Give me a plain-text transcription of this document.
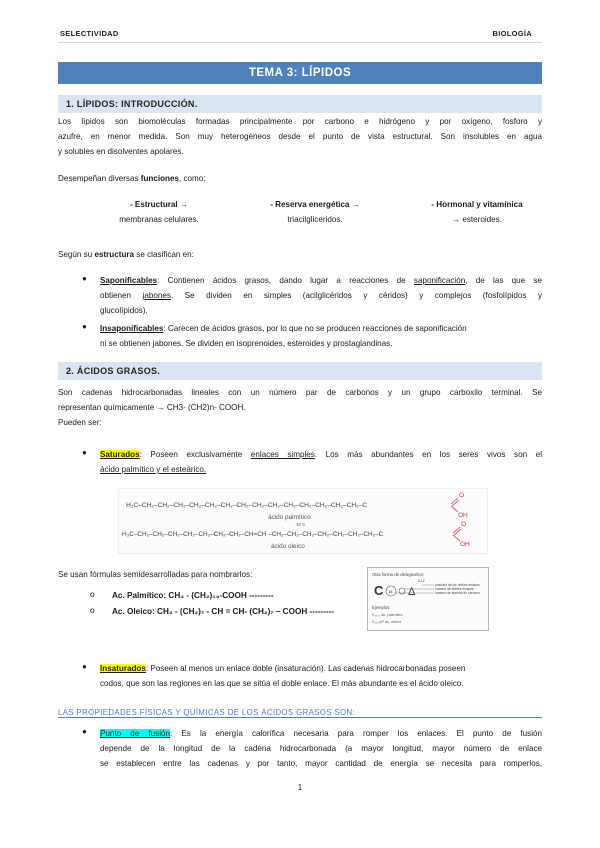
SELECTIVIDAD	BIOLOGÍA
TEMA 3: LÍPIDOS
1. LÍPIDOS: INTRODUCCIÓN.
Los lípidos son biomoléculas formadas principalmente por carbono e hidrógeno y por oxígeno, fosforo y
azufre, en menor medida. Son muy heterogéneos desde el punto de vista estructural. Son insolubles en agua
y solubles en disolventes apolares.
Desempeñan diversas funciones, como:
- Estructural →
membranas celulares.
- Reserva energética →
triacilgliceridos.
- Hormonal y vitamínica
→ esteroides.
Según su estructura se clasifican en:
● Saponificables: Contienen ácidos grasos, dando lugar a reacciones de saponificación, de las que se
obtienen jabones. Se dividen en simples (acilglicéridos y céridos) y complejos (fosfolípidos y
glucolípidos).
● Insaponificables: Carecen de ácidos grasos, por lo que no se producen reacciones de saponificación
ni se obtienen jabones. Se dividen en isoprenoides, esteroides y prostaglandinas.
2. ÁCIDOS GRASOS.
Son cadenas hidrocarbonadas lineales con un número par de carbonos y un grupo carboxilo terminal. Se
representan químicamente → CH3- (CH2)n- COOH.
Pueden ser:
● Saturados: Poseen exclusivamente enlaces simples. Los más abundantes en los seres vivos son el
ácido palmítico y el esteárico.
H₃C–CH₂–CH₂–CH₂–CH₂–CH₂–CH₂–CH₂–CH₂–CH₂–CH₂–CH₂–CH₂–CH₂–CH₂–C
O
OH
ácido palmítico
10 9
H₃C–CH₂–CH₂–CH₂–CH₂–CH₂–CH₂–CH₂–CH=CH –CH₂–CH₂–CH₂–CH₂–CH₂–CH₂–CH₂–C
O
OH
ácido oleico
Se usan fórmulas semidesarrolladas para nombrarlos:
o Ac. Palmítico: CH₃ - (CH₂)₁₄-COOH ---------
o Ac. Oleico: CH₃ - (CH₂)₇ - CH = CH- (CH₂)₇ – COOH ---------
Otra forma de designarlos:
C 18 Δ
9,12
posición de los dobles enlaces
número de dobles enlaces
número de átomos de carbono
Ejemplos:
C₁₆:₀ ác. palmítico
C₁₈:₁Δ⁹ ác. oleico
● Insaturados: Poseen al menos un enlace doble (insaturación). Las cadenas hidrocarbonadas poseen
codos, que son las regiones en las que se sitúa el doble enlace. El más abundante es el ácido oleico.
LAS PROPIEDADES FÍSICAS Y QUÍMICAS DE LOS ÁCIDOS GRASOS SON:
● Punto de fusión: Es la energía calorífica necesaria para romper los enlaces. El punto de fusión
depende de la longitud de la cadena hidrocarbonada (a mayor longitud, mayor número de enlace
se establecen entre las cadenas y por tanto, mayor cantidad de energía se necesita para romperlos,
1
